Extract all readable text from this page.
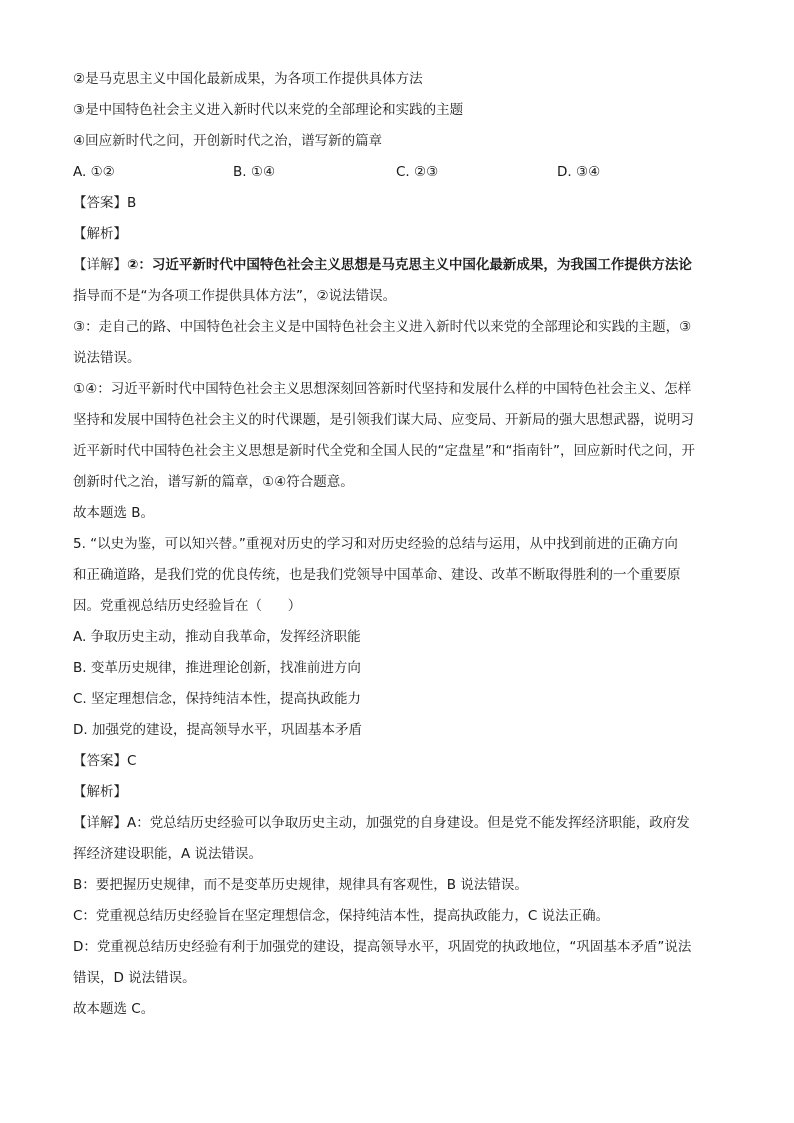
②是马克思主义中国化最新成果，为各项工作提供具体方法
③是中国特色社会主义进入新时代以来党的全部理论和实践的主题
④回应新时代之问，开创新时代之治，谱写新的篇章
A. ①②	B. ①④	C. ②③	D. ③④
【答案】B
【解析】
【详解】②：习近平新时代中国特色社会主义思想是马克思主义中国化最新成果，为我国工作提供方法论
指导而不是“为各项工作提供具体方法”，②说法错误。
③：走自己的路、中国特色社会主义是中国特色社会主义进入新时代以来党的全部理论和实践的主题，③
说法错误。
①④：习近平新时代中国特色社会主义思想深刻回答新时代坚持和发展什么样的中国特色社会主义、怎样
坚持和发展中国特色社会主义的时代课题，是引领我们谋大局、应变局、开新局的强大思想武器，说明习
近平新时代中国特色社会主义思想是新时代全党和全国人民的“定盘星”和“指南针”，回应新时代之问，开
创新时代之治，谱写新的篇章，①④符合题意。
故本题选 B。
5. “以史为鉴，可以知兴替。”重视对历史的学习和对历史经验的总结与运用，从中找到前进的正确方向
和正确道路，是我们党的优良传统，也是我们党领导中国革命、建设、改革不断取得胜利的一个重要原
因。党重视总结历史经验旨在（      ）
A. 争取历史主动，推动自我革命，发挥经济职能
B. 变革历史规律，推进理论创新，找准前进方向
C. 坚定理想信念，保持纯洁本性，提高执政能力
D. 加强党的建设，提高领导水平，巩固基本矛盾
【答案】C
【解析】
【详解】A：党总结历史经验可以争取历史主动，加强党的自身建设。但是党不能发挥经济职能，政府发
挥经济建设职能，A 说法错误。
B：要把握历史规律，而不是变革历史规律，规律具有客观性，B 说法错误。
C：党重视总结历史经验旨在坚定理想信念，保持纯洁本性，提高执政能力，C 说法正确。
D：党重视总结历史经验有利于加强党的建设，提高领导水平，巩固党的执政地位，“巩固基本矛盾”说法
错误，D 说法错误。
故本题选 C。
